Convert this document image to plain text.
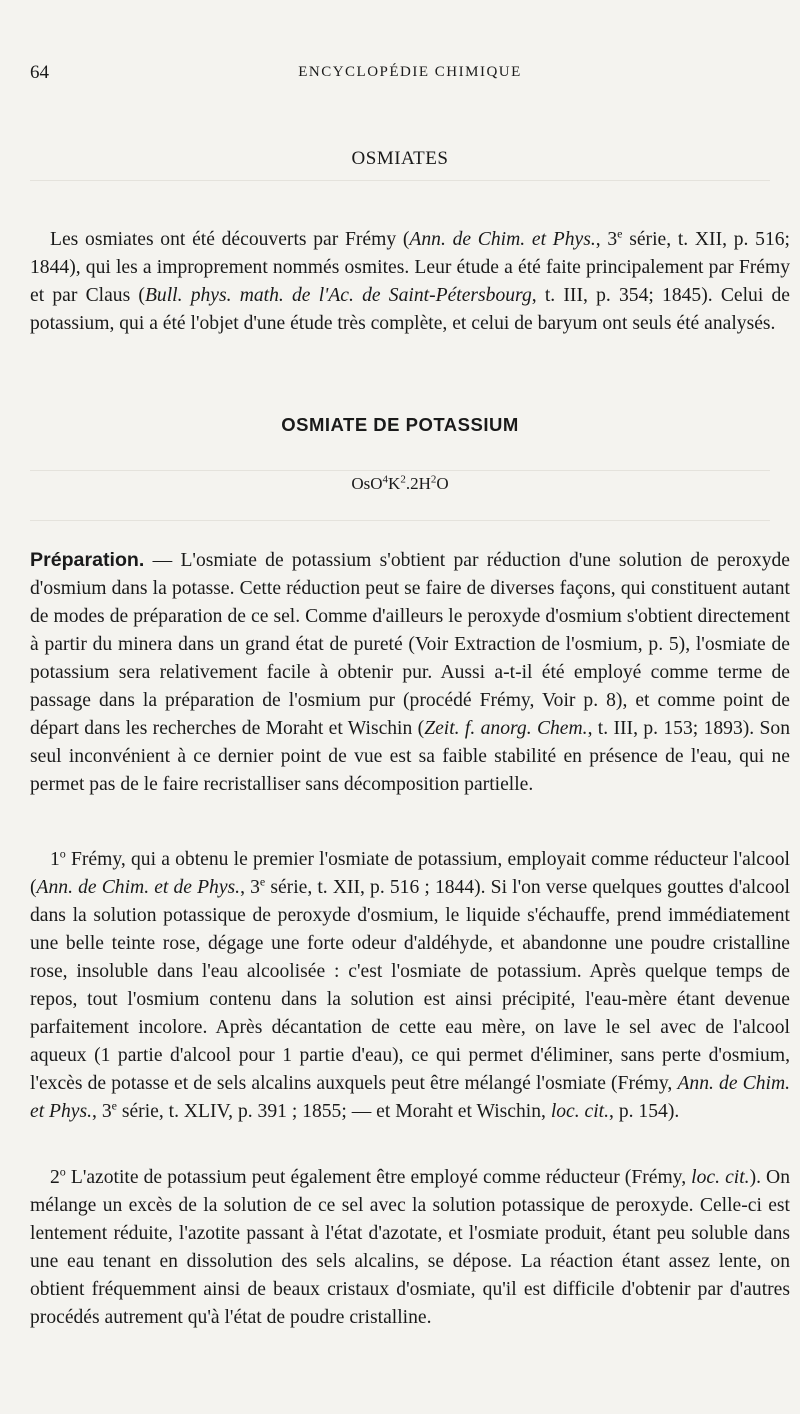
64	ENCYCLOPÉDIE CHIMIQUE
OSMIATES

Les osmiates ont été découverts par Frémy (Ann. de Chim. et Phys., 3e série, t. XII, p. 516; 1844), qui les a improprement nommés osmites. Leur étude a été faite principalement par Frémy et par Claus (Bull. phys. math. de l'Ac. de Saint-Pétersbourg, t. III, p. 354; 1845). Celui de potassium, qui a été l'objet d'une étude très complète, et celui de baryum ont seuls été analysés.

OSMIATE DE POTASSIUM
$OsO^4K^2.2H^2O$

Préparation. — L'osmiate de potassium s'obtient par réduction d'une solution de peroxyde d'osmium dans la potasse. Cette réduction peut se faire de diverses façons, qui constituent autant de modes de préparation de ce sel. Comme d'ailleurs le peroxyde d'osmium s'obtient directement à partir du minera dans un grand état de pureté (Voir Extraction de l'osmium, p. 5), l'osmiate de potassium sera relativement facile à obtenir pur. Aussi a-t-il été employé comme terme de passage dans la préparation de l'osmium pur (procédé Frémy, Voir p. 8), et comme point de départ dans les recherches de Moraht et Wischin (Zeit. f. anorg. Chem., t. III, p. 153; 1893). Son seul inconvénient à ce dernier point de vue est sa faible stabilité en présence de l'eau, qui ne permet pas de le faire recristalliser sans décomposition partielle.

1$^o$ Frémy, qui a obtenu le premier l'osmiate de potassium, employait comme réducteur l'alcool (Ann. de Chim. et de Phys., 3e série, t. XII, p. 516 ; 1844). Si l'on verse quelques gouttes d'alcool dans la solution potassique de peroxyde d'osmium, le liquide s'échauffe, prend immédiatement une belle teinte rose, dégage une forte odeur d'aldéhyde, et abandonne une poudre cristalline rose, insoluble dans l'eau alcoolisée : c'est l'osmiate de potassium. Après quelque temps de repos, tout l'osmium contenu dans la solution est ainsi précipité, l'eau-mère étant devenue parfaitement incolore. Après décantation de cette eau mère, on lave le sel avec de l'alcool aqueux (1 partie d'alcool pour 1 partie d'eau), ce qui permet d'éliminer, sans perte d'osmium, l'excès de potasse et de sels alcalins auxquels peut être mélangé l'osmiate (Frémy, Ann. de Chim. et Phys., 3e série, t. XLIV, p. 391 ; 1855; — et Moraht et Wischin, loc. cit., p. 154).

2$^o$ L'azotite de potassium peut également être employé comme réducteur (Frémy, loc. cit.). On mélange un excès de la solution de ce sel avec la solution potassique de peroxyde. Celle-ci est lentement réduite, l'azotite passant à l'état d'azotate, et l'osmiate produit, étant peu soluble dans une eau tenant en dissolution des sels alcalins, se dépose. La réaction étant assez lente, on obtient fréquemment ainsi de beaux cristaux d'osmiate, qu'il est difficile d'obtenir par d'autres procédés autrement qu'à l'état de poudre cristalline.
